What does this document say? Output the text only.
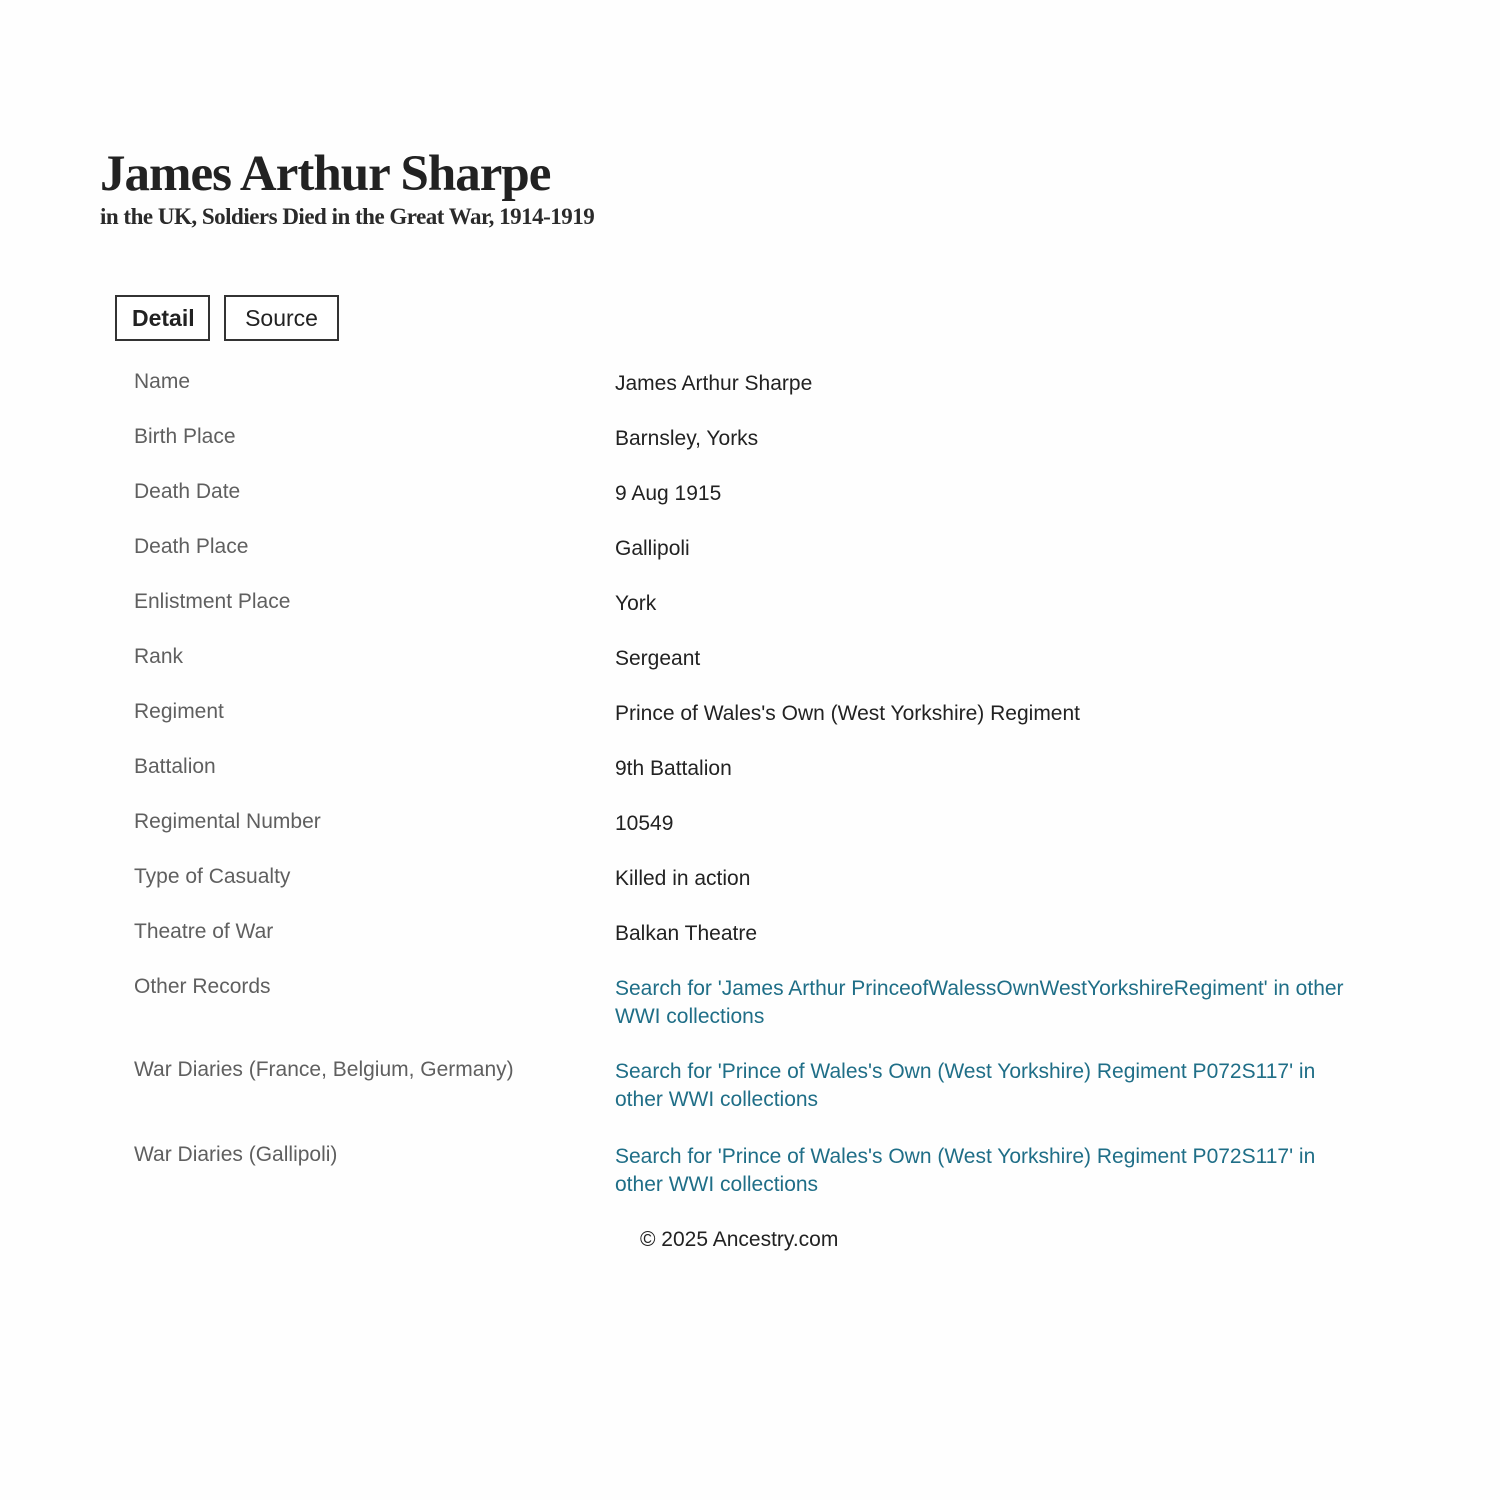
James Arthur Sharpe
in the UK, Soldiers Died in the Great War, 1914-1919
Detail	Source
Name	James Arthur Sharpe
Birth Place	Barnsley, Yorks
Death Date	9 Aug 1915
Death Place	Gallipoli
Enlistment Place	York
Rank	Sergeant
Regiment	Prince of Wales's Own (West Yorkshire) Regiment
Battalion	9th Battalion
Regimental Number	10549
Type of Casualty	Killed in action
Theatre of War	Balkan Theatre
Other Records	Search for 'James Arthur PrinceofWalessOwnWestYorkshireRegiment' in other WWI collections
War Diaries (France, Belgium, Germany)	Search for 'Prince of Wales's Own (West Yorkshire) Regiment P072S117' in other WWI collections
War Diaries (Gallipoli)	Search for 'Prince of Wales's Own (West Yorkshire) Regiment P072S117' in other WWI collections
© 2025 Ancestry.com
